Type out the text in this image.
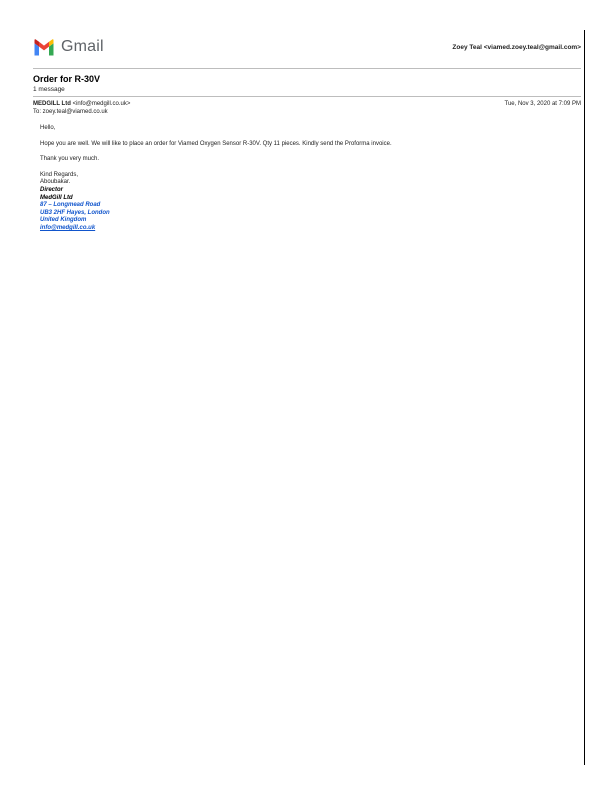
Gmail	Zoey Teal <viamed.zoey.teal@gmail.com>
Order for R-30V
1 message
MEDGILL Ltd <info@medgill.co.uk>	Tue, Nov 3, 2020 at 7:09 PM
To: zoey.teal@viamed.co.uk

Hello,

Hope you are well. We will like to place an order for Viamed Oxygen Sensor R-30V. Qty 11 pieces. Kindly send the Proforma invoice.

Thank you very much.

Kind Regards,

Aboubakar.

Director

MedGill Ltd

87 – Longmead Road

UB3 2HF Hayes, London

United Kingdom

info@medgill.co.uk
